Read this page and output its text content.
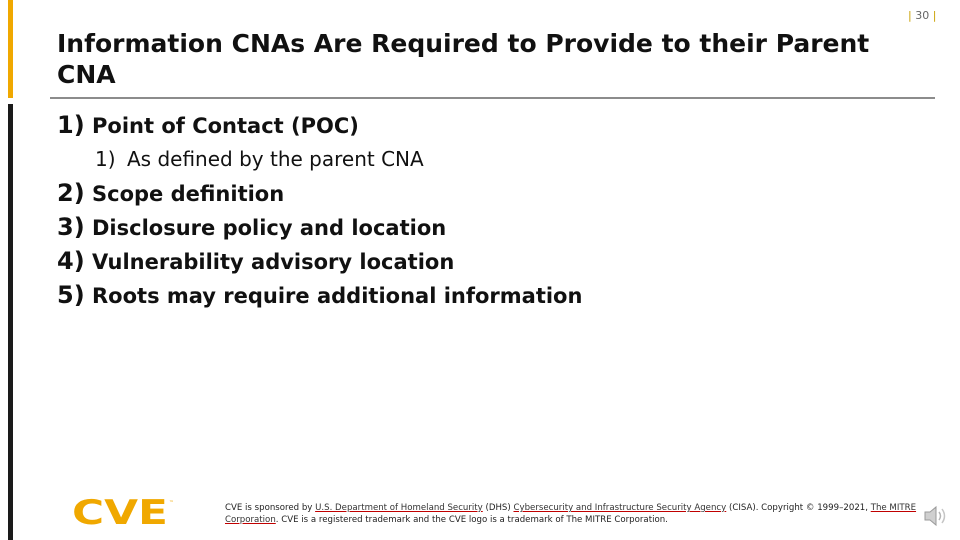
Information CNAs Are Required to Provide to their Parent CNA
| 30 |
1) Point of Contact (POC)
1) As defined by the parent CNA
2) Scope definition
3) Disclosure policy and location
4) Vulnerability advisory location
5) Roots may require additional information
CVE ™	CVE is sponsored by U.S. Department of Homeland Security (DHS) Cybersecurity and Infrastructure Security Agency (CISA). Copyright © 1999–2021, The MITRE Corporation. CVE is a registered trademark and the CVE logo is a trademark of The MITRE Corporation.
